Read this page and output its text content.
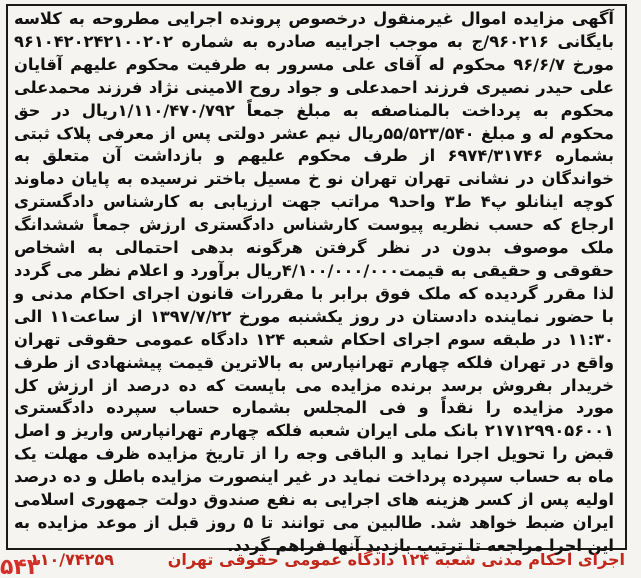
آگهی مزایده اموال غیرمنقول درخصوص پرونده اجرایی مطروحه به کلاسه بایگانی ۹۶۰۲۱۶/ج به موجب اجراییه صادره به شماره ۹۶۱۰۴۲۰۲۴۲۱۰۰۲۰۲ مورخ ۹۶/۶/۷ محکوم له آقای علی مسرور به طرفیت محکوم علیهم آقایان علی حیدر نصیری فرزند احمدعلی و جواد روح الامینی نژاد فرزند محمدعلی محکوم به پرداخت بالمناصفه به مبلغ جمعاً ۱/۱۱۰/۴۷۰/۷۹۲ریال در حق محکوم له و مبلغ ۵۵/۵۲۳/۵۴۰ریال نیم عشر دولتی پس از معرفی پلاک ثبتی بشماره ۶۹۷۴/۳۱۷۴۶ از طرف محکوم علیهم و بازداشت آن متعلق به خواندگان در نشانی تهران تهران نو خ مسیل باختر نرسیده به پایان دماوند کوچه اینانلو پ۴ ط۳ واحد۹ مراتب جهت ارزیابی به کارشناس دادگستری ارجاع که حسب نظریه پیوست کارشناس دادگستری ارزش جمعاً ششدانگ ملک موصوف بدون در نظر گرفتن هرگونه بدهی احتمالی به اشخاص حقوقی و حقیقی به قیمت۴/۱۰۰/۰۰۰/۰۰۰ریال برآورد و اعلام نظر می گردد لذا مقرر گردیده که ملک فوق برابر با مقررات قانون اجرای احکام مدنی و با حضور نماینده دادستان در روز یکشنبه مورخ ۱۳۹۷/۷/۲۲ از ساعت۱۱ الی ۱۱:۳۰ در طبقه سوم اجرای احکام شعبه ۱۲۴ دادگاه عمومی حقوقی تهران واقع در تهران فلکه چهارم تهرانپارس به بالاترین قیمت پیشنهادی از طرف خریدار بفروش برسد برنده مزایده می بایست که ده درصد از ارزش کل مورد مزایده را نقداً و فی المجلس بشماره حساب سپرده دادگستری ۲۱۷۱۲۹۹۰۵۶۰۰۱ بانک ملی ایران شعبه فلکه چهارم تهرانپارس واریز و اصل قبض را تحویل اجرا نماید و الباقی وجه را از تاریخ مزایده ظرف مهلت یک ماه به حساب سپرده پرداخت نماید در غیر اینصورت مزایده باطل و ده درصد اولیه پس از کسر هزینه های اجرایی به نفع صندوق دولت جمهوری اسلامی ایران ضبط خواهد شد. طالبین می توانند تا ۵ روز قبل از موعد مزایده به این اجرا مراجعه تا ترتیب بازدید آنها فراهم گردد.

اجرای احکام مدنی شعبه ۱۲۴ دادگاه عمومی حقوقی تهران
۱۱۰/۷۴۲۵۹
۵۴۳
